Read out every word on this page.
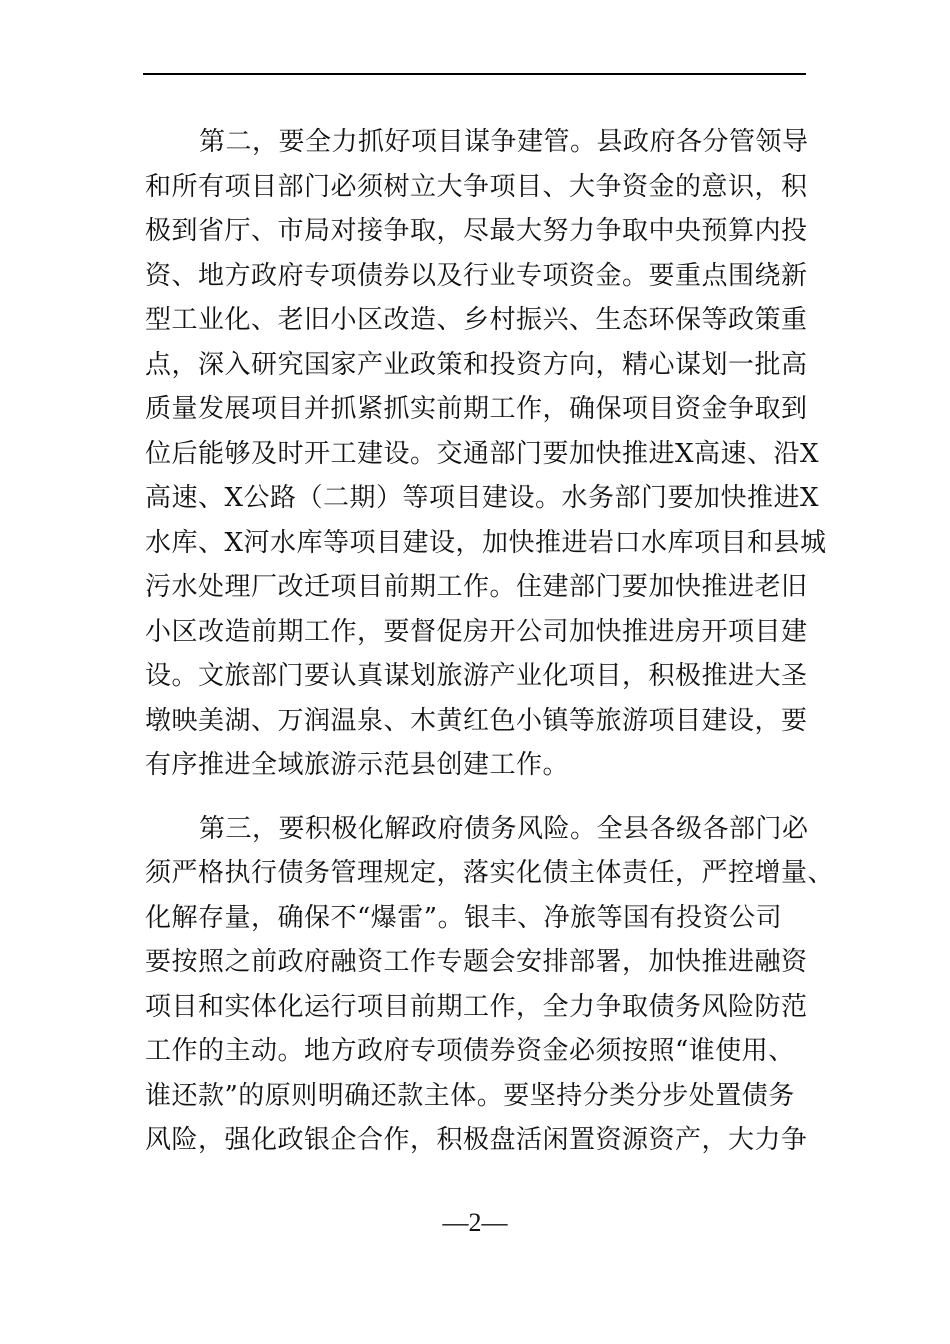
第二，要全力抓好项目谋争建管。县政府各分管领导
和所有项目部门必须树立大争项目、大争资金的意识，积
极到省厅、市局对接争取，尽最大努力争取中央预算内投
资、地方政府专项债券以及行业专项资金。要重点围绕新
型工业化、老旧小区改造、乡村振兴、生态环保等政策重
点，深入研究国家产业政策和投资方向，精心谋划一批高
质量发展项目并抓紧抓实前期工作，确保项目资金争取到
位后能够及时开工建设。交通部门要加快推进X高速、沿X
高速、X公路（二期）等项目建设。水务部门要加快推进X
水库、X河水库等项目建设，加快推进岩口水库项目和县城
污水处理厂改迁项目前期工作。住建部门要加快推进老旧
小区改造前期工作，要督促房开公司加快推进房开项目建
设。文旅部门要认真谋划旅游产业化项目，积极推进大圣
墩映美湖、万润温泉、木黄红色小镇等旅游项目建设，要
有序推进全域旅游示范县创建工作。

第三，要积极化解政府债务风险。全县各级各部门必
须严格执行债务管理规定，落实化债主体责任，严控增量、
化解存量，确保不“爆雷”。银丰、净旅等国有投资公司
要按照之前政府融资工作专题会安排部署，加快推进融资
项目和实体化运行项目前期工作，全力争取债务风险防范
工作的主动。地方政府专项债券资金必须按照“谁使用、
谁还款”的原则明确还款主体。要坚持分类分步处置债务
风险，强化政银企合作，积极盘活闲置资源资产，大力争

—2—
